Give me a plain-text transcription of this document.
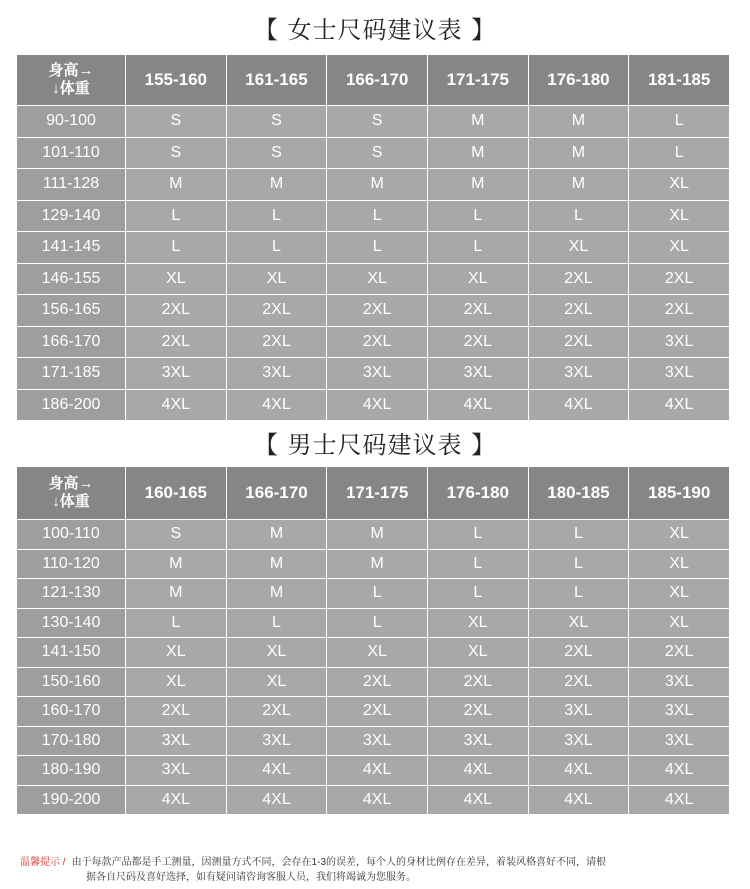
【 女士尺码建议表 】
身高→
↓体重	155-160	161-165	166-170	171-175	176-180	181-185
90-100	S	S	S	M	M	L
101-110	S	S	S	M	M	L
111-128	M	M	M	M	M	XL
129-140	L	L	L	L	L	XL
141-145	L	L	L	L	XL	XL
146-155	XL	XL	XL	XL	2XL	2XL
156-165	2XL	2XL	2XL	2XL	2XL	2XL
166-170	2XL	2XL	2XL	2XL	2XL	3XL
171-185	3XL	3XL	3XL	3XL	3XL	3XL
186-200	4XL	4XL	4XL	4XL	4XL	4XL
【 男士尺码建议表 】
身高→
↓体重	160-165	166-170	171-175	176-180	180-185	185-190
100-110	S	M	M	L	L	XL
110-120	M	M	M	L	L	XL
121-130	M	M	L	L	L	XL
130-140	L	L	L	XL	XL	XL
141-150	XL	XL	XL	XL	2XL	2XL
150-160	XL	XL	2XL	2XL	2XL	3XL
160-170	2XL	2XL	2XL	2XL	3XL	3XL
170-180	3XL	3XL	3XL	3XL	3XL	3XL
180-190	3XL	4XL	4XL	4XL	4XL	4XL
190-200	4XL	4XL	4XL	4XL	4XL	4XL
温馨提示 / 由于每款产品都是手工测量，因测量方式不同，会存在1-3的误差，每个人的身材比例存在差异，着装风格喜好不同，请根
据各自尺码及喜好选择，如有疑问请咨询客服人员，我们将竭诚为您服务。
